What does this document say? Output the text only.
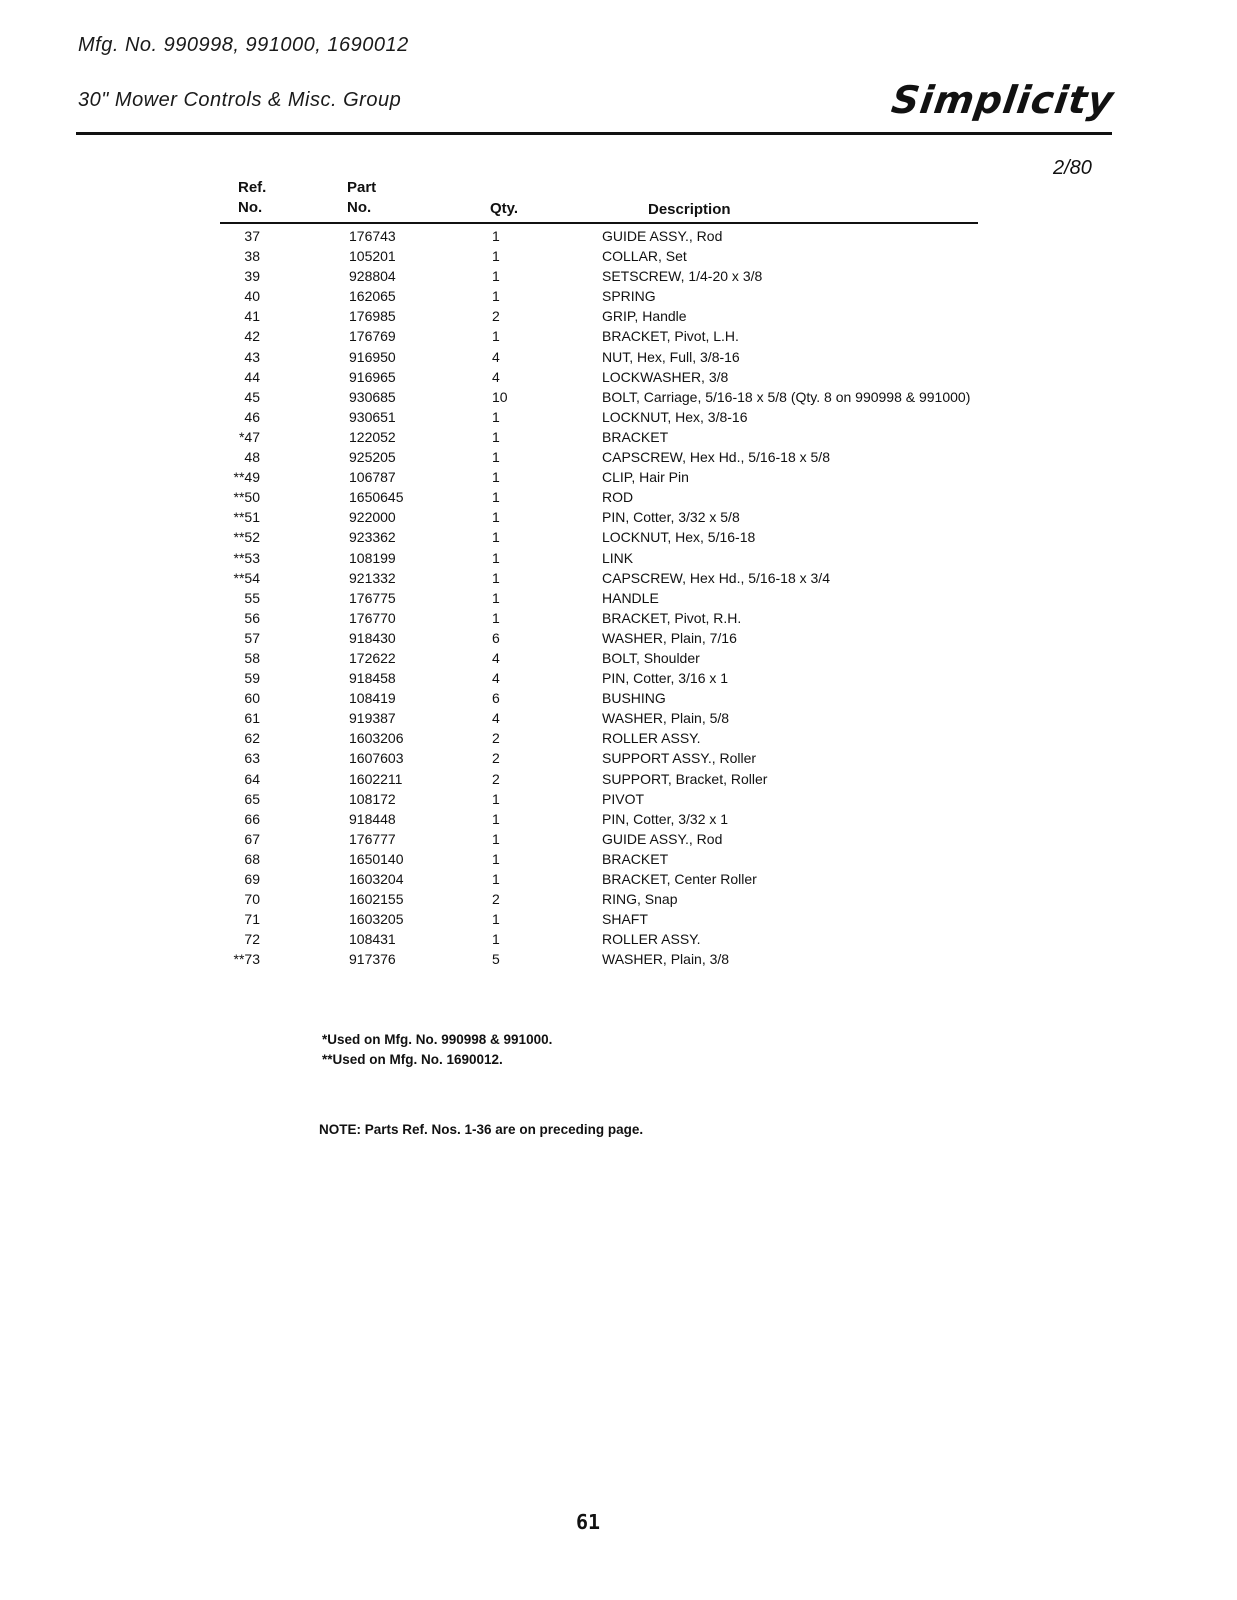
Mfg. No. 990998, 991000, 1690012
30" Mower Controls & Misc. Group	Simplicity
2/80
Ref.
No.
Part
No.	Qty.	Description
37	176743	1	GUIDE ASSY., Rod
38	105201	1	COLLAR, Set
39	928804	1	SETSCREW, 1/4-20 x 3/8
40	162065	1	SPRING
41	176985	2	GRIP, Handle
42	176769	1	BRACKET, Pivot, L.H.
43	916950	4	NUT, Hex, Full, 3/8-16
44	916965	4	LOCKWASHER, 3/8
45	930685	10	BOLT, Carriage, 5/16-18 x 5/8 (Qty. 8 on 990998 & 991000)
46	930651	1	LOCKNUT, Hex, 3/8-16
*47	122052	1	BRACKET
48	925205	1	CAPSCREW, Hex Hd., 5/16-18 x 5/8
**49	106787	1	CLIP, Hair Pin
**50	1650645	1	ROD
**51	922000	1	PIN, Cotter, 3/32 x 5/8
**52	923362	1	LOCKNUT, Hex, 5/16-18
**53	108199	1	LINK
**54	921332	1	CAPSCREW, Hex Hd., 5/16-18 x 3/4
55	176775	1	HANDLE
56	176770	1	BRACKET, Pivot, R.H.
57	918430	6	WASHER, Plain, 7/16
58	172622	4	BOLT, Shoulder
59	918458	4	PIN, Cotter, 3/16 x 1
60	108419	6	BUSHING
61	919387	4	WASHER, Plain, 5/8
62	1603206	2	ROLLER ASSY.
63	1607603	2	SUPPORT ASSY., Roller
64	1602211	2	SUPPORT, Bracket, Roller
65	108172	1	PIVOT
66	918448	1	PIN, Cotter, 3/32 x 1
67	176777	1	GUIDE ASSY., Rod
68	1650140	1	BRACKET
69	1603204	1	BRACKET, Center Roller
70	1602155	2	RING, Snap
71	1603205	1	SHAFT
72	108431	1	ROLLER ASSY.
**73	917376	5	WASHER, Plain, 3/8
*Used on Mfg. No. 990998 & 991000.
**Used on Mfg. No. 1690012.
NOTE: Parts Ref. Nos. 1-36 are on preceding page.
61
